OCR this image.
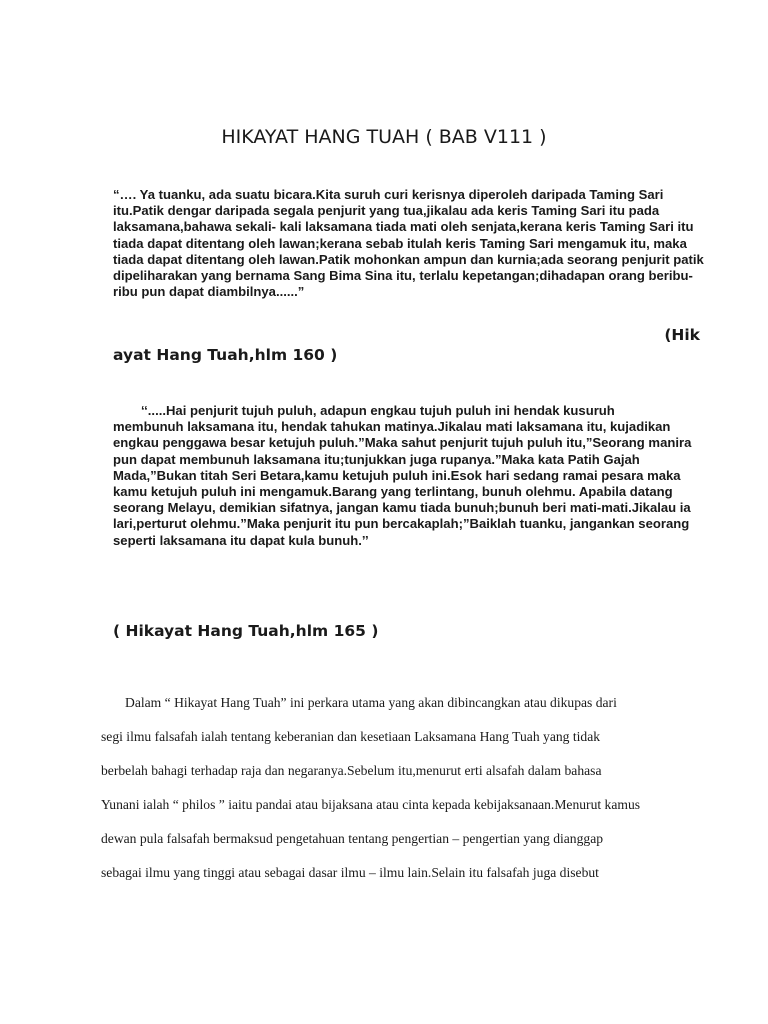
HIKAYAT HANG TUAH ( BAB V111 )
“…. Ya tuanku, ada suatu bicara.Kita suruh curi kerisnya diperoleh daripada Taming Sari itu.Patik dengar daripada segala penjurit yang tua,jikalau ada keris Taming Sari itu pada laksamana,bahawa sekali- kali laksamana tiada mati oleh senjata,kerana keris Taming Sari itu tiada dapat ditentang oleh lawan;kerana sebab itulah keris Taming Sari mengamuk itu, maka tiada dapat ditentang oleh lawan.Patik mohonkan ampun dan kurnia;ada seorang penjurit patik dipeliharakan yang bernama Sang Bima Sina itu, terlalu kepetangan;dihadapan orang beribu-ribu pun dapat diambilnya......”
(Hik
ayat Hang Tuah,hlm 160 )
‘‘.....Hai penjurit tujuh puluh, adapun engkau tujuh puluh ini hendak kusuruh
membunuh laksamana itu, hendak tahukan matinya.Jikalau mati laksamana itu, kujadikan engkau penggawa besar ketujuh puluh.”Maka sahut penjurit tujuh puluh itu,”Seorang manira pun dapat membunuh laksamana itu;tunjukkan juga rupanya.”Maka kata Patih Gajah Mada,”Bukan titah Seri Betara,kamu ketujuh puluh ini.Esok hari sedang ramai pesara maka kamu ketujuh puluh ini mengamuk.Barang yang terlintang, bunuh olehmu. Apabila datang seorang Melayu, demikian sifatnya, jangan kamu tiada bunuh;bunuh beri mati-mati.Jikalau ia lari,perturut olehmu.”Maka penjurit itu pun bercakaplah;”Baiklah tuanku, jangankan seorang seperti laksamana itu dapat kula bunuh.’’
( Hikayat Hang Tuah,hlm 165 )
Dalam “ Hikayat Hang Tuah” ini perkara utama yang akan dibincangkan atau dikupas dari
segi ilmu falsafah ialah tentang keberanian dan kesetiaan Laksamana Hang Tuah yang tidak
berbelah bahagi terhadap raja dan negaranya.Sebelum itu,menurut erti alsafah dalam bahasa
Yunani ialah “ philos ” iaitu pandai atau bijaksana atau cinta kepada kebijaksanaan.Menurut kamus
dewan pula falsafah bermaksud pengetahuan tentang pengertian – pengertian yang dianggap
sebagai ilmu yang tinggi atau sebagai dasar ilmu – ilmu lain.Selain itu falsafah juga disebut
